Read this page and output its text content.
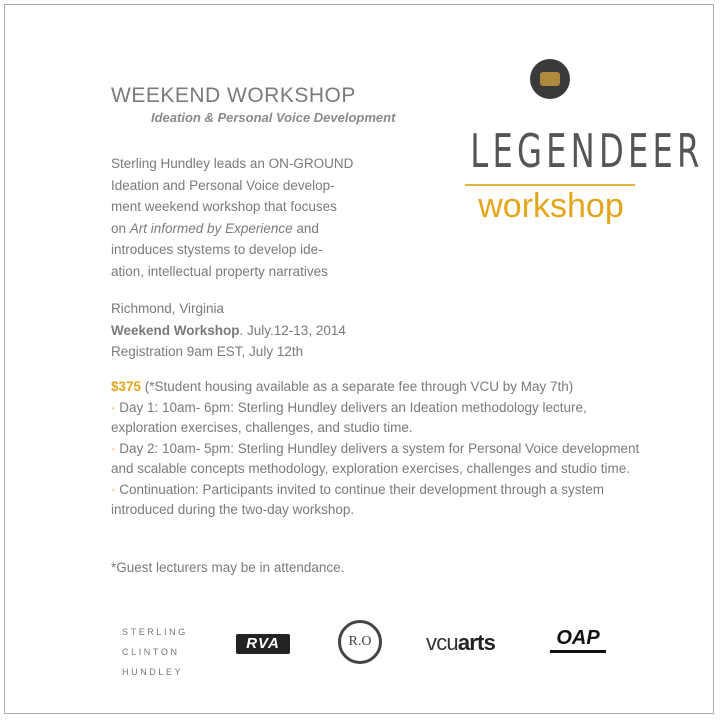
WEEKEND WORKSHOP
Ideation & Personal Voice Development
Sterling Hundley leads an ON-GROUND
Ideation and Personal Voice develop-
ment weekend workshop that focuses
on Art informed by Experience and
introduces stystems to develop ide-
ation, intellectual property narratives
Richmond, Virginia
Weekend Workshop. July.12-13, 2014
Registration 9am EST, July 12th
$375 (*Student housing available as a separate fee through VCU by May 7th)
· Day 1: 10am- 6pm: Sterling Hundley delivers an Ideation methodology lecture, exploration exercises, challenges, and studio time.
· Day 2: 10am- 5pm: Sterling Hundley delivers a system for Personal Voice development and scalable concepts methodology, exploration exercises, challenges and studio time.
· Continuation: Participants invited to continue their development through a system introduced during the two-day workshop.
*Guest lecturers may be in attendance.
LEGENDEER
workshop
STERLING
CLINTON
HUNDLEY
RVA	R.O	vcuarts	OAP
